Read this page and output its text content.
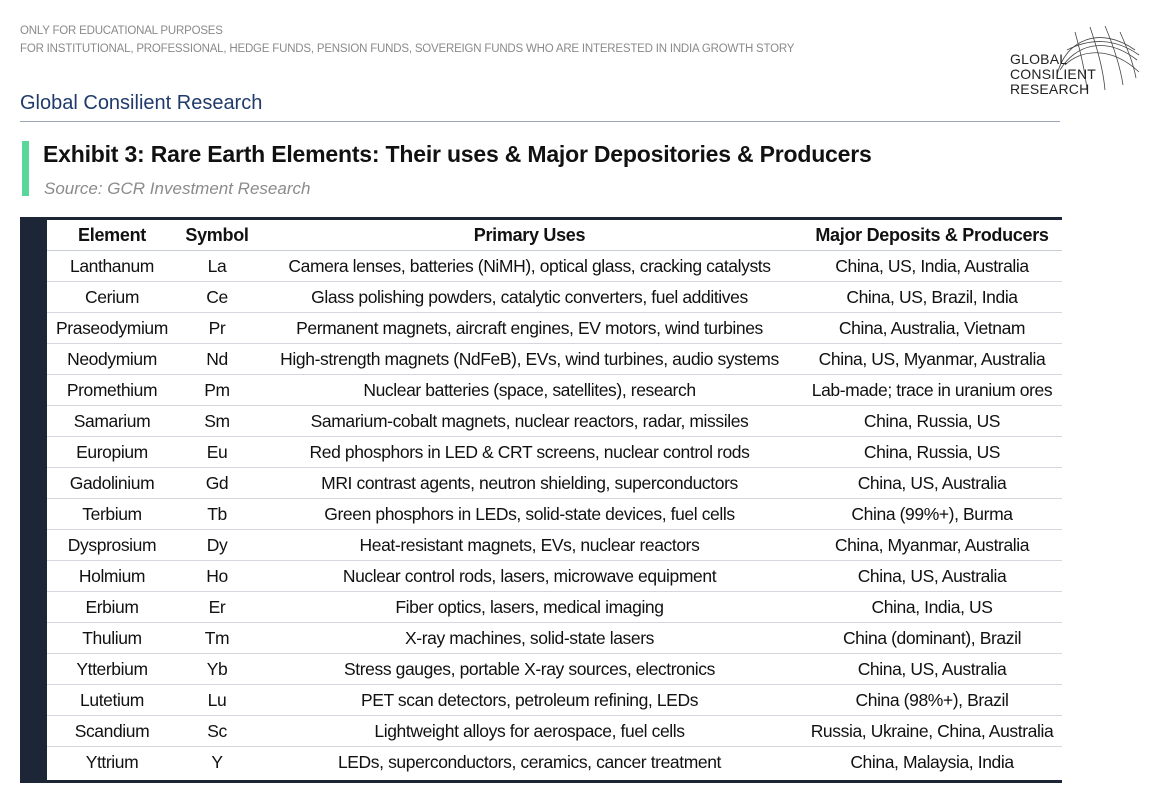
ONLY FOR EDUCATIONAL PURPOSES
FOR INSTITUTIONAL, PROFESSIONAL, HEDGE FUNDS, PENSION FUNDS, SOVEREIGN FUNDS WHO ARE INTERESTED IN INDIA GROWTH STORY
Global Consilient Research
GLOBAL
CONSILIENT
RESEARCH
Exhibit 3: Rare Earth Elements: Their uses & Major Depositories & Producers
Source: GCR Investment Research
Element	Symbol	Primary Uses	Major Deposits & Producers
Lanthanum	La	Camera lenses, batteries (NiMH), optical glass, cracking catalysts	China, US, India, Australia
Cerium	Ce	Glass polishing powders, catalytic converters, fuel additives	China, US, Brazil, India
Praseodymium	Pr	Permanent magnets, aircraft engines, EV motors, wind turbines	China, Australia, Vietnam
Neodymium	Nd	High-strength magnets (NdFeB), EVs, wind turbines, audio systems	China, US, Myanmar, Australia
Promethium	Pm	Nuclear batteries (space, satellites), research	Lab-made; trace in uranium ores
Samarium	Sm	Samarium-cobalt magnets, nuclear reactors, radar, missiles	China, Russia, US
Europium	Eu	Red phosphors in LED & CRT screens, nuclear control rods	China, Russia, US
Gadolinium	Gd	MRI contrast agents, neutron shielding, superconductors	China, US, Australia
Terbium	Tb	Green phosphors in LEDs, solid-state devices, fuel cells	China (99%+), Burma
Dysprosium	Dy	Heat-resistant magnets, EVs, nuclear reactors	China, Myanmar, Australia
Holmium	Ho	Nuclear control rods, lasers, microwave equipment	China, US, Australia
Erbium	Er	Fiber optics, lasers, medical imaging	China, India, US
Thulium	Tm	X-ray machines, solid-state lasers	China (dominant), Brazil
Ytterbium	Yb	Stress gauges, portable X-ray sources, electronics	China, US, Australia
Lutetium	Lu	PET scan detectors, petroleum refining, LEDs	China (98%+), Brazil
Scandium	Sc	Lightweight alloys for aerospace, fuel cells	Russia, Ukraine, China, Australia
Yttrium	Y	LEDs, superconductors, ceramics, cancer treatment	China, Malaysia, India
